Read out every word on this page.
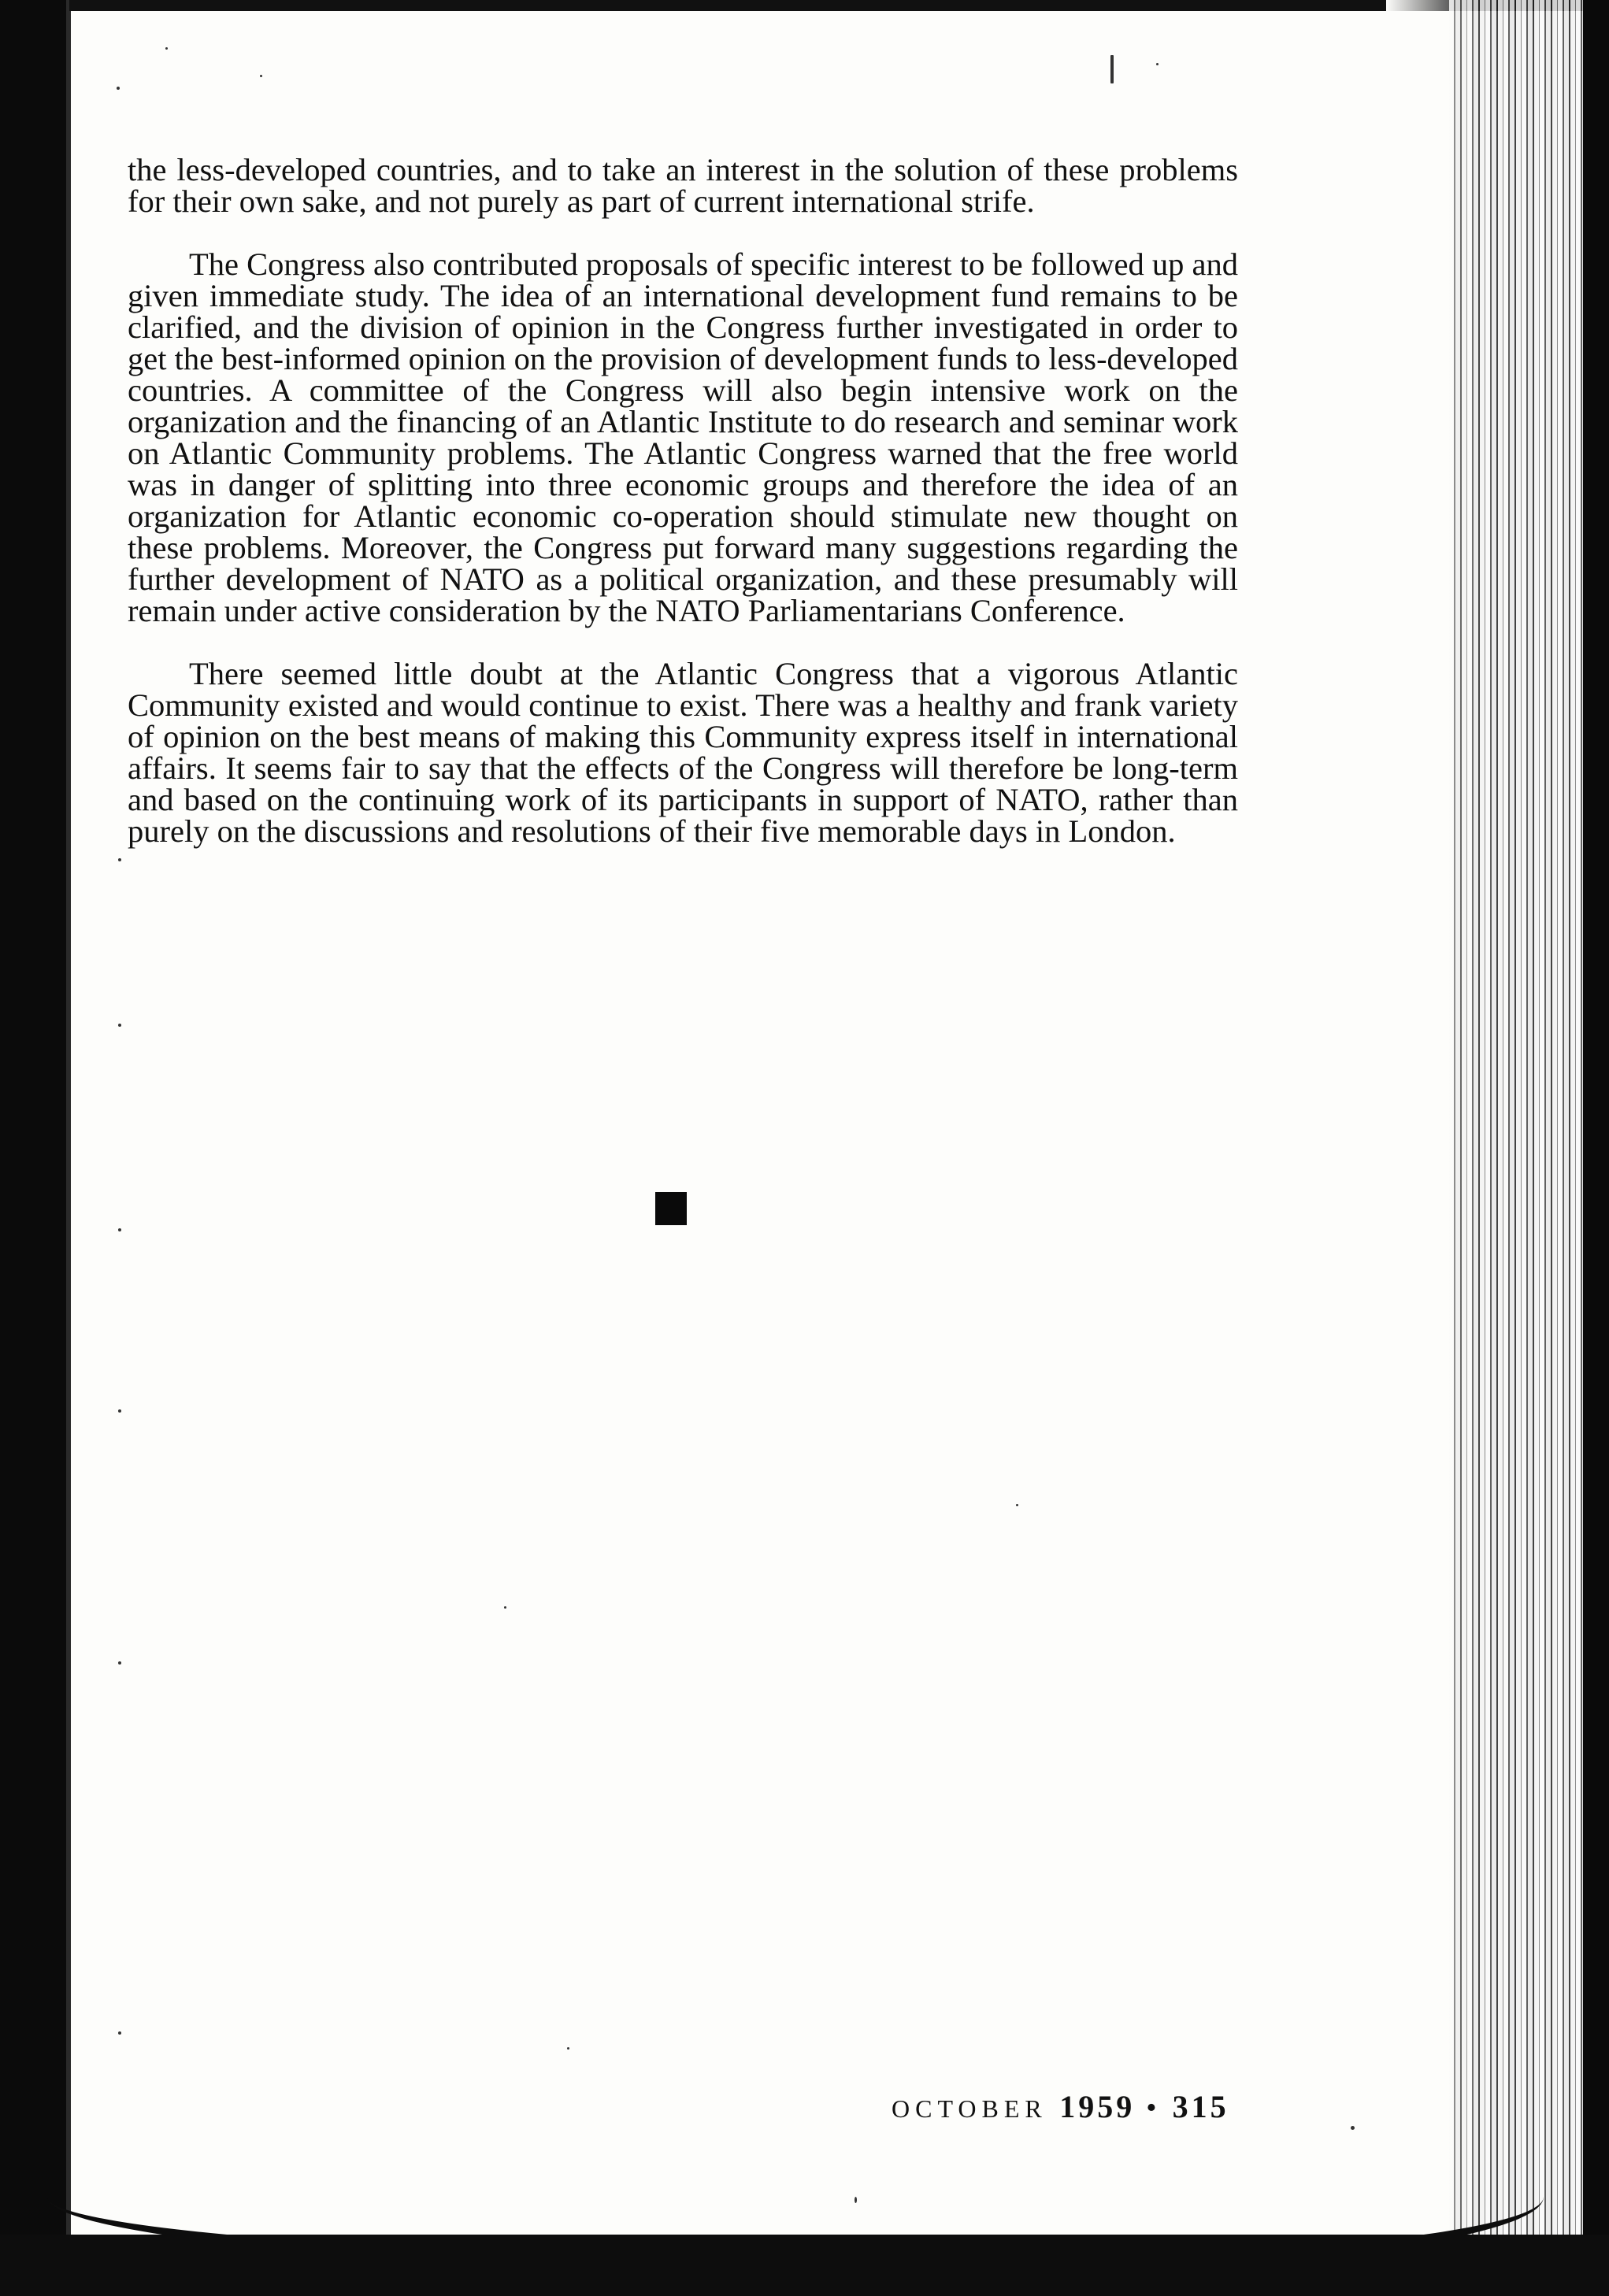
the less-developed countries, and to take an interest in the solution of these problems for their own sake, and not purely as part of current international strife.

The Congress also contributed proposals of specific interest to be followed up and given immediate study. The idea of an international development fund remains to be clarified, and the division of opinion in the Congress further investigated in order to get the best-informed opinion on the provision of development funds to less-developed countries. A committee of the Congress will also begin intensive work on the organization and the financing of an Atlantic Institute to do research and seminar work on Atlantic Community problems. The Atlantic Congress warned that the free world was in danger of splitting into three economic groups and therefore the idea of an organization for Atlantic economic co-operation should stimulate new thought on these problems. Moreover, the Congress put forward many suggestions regarding the further development of NATO as a political organization, and these presumably will remain under active consideration by the NATO Parliamentarians Conference.

There seemed little doubt at the Atlantic Congress that a vigorous Atlantic Community existed and would continue to exist. There was a healthy and frank variety of opinion on the best means of making this Community express itself in international affairs. It seems fair to say that the effects of the Congress will therefore be long-term and based on the continuing work of its participants in support of NATO, rather than purely on the discussions and resolutions of their five memorable days in London.

OCTOBER 1959 • 315
